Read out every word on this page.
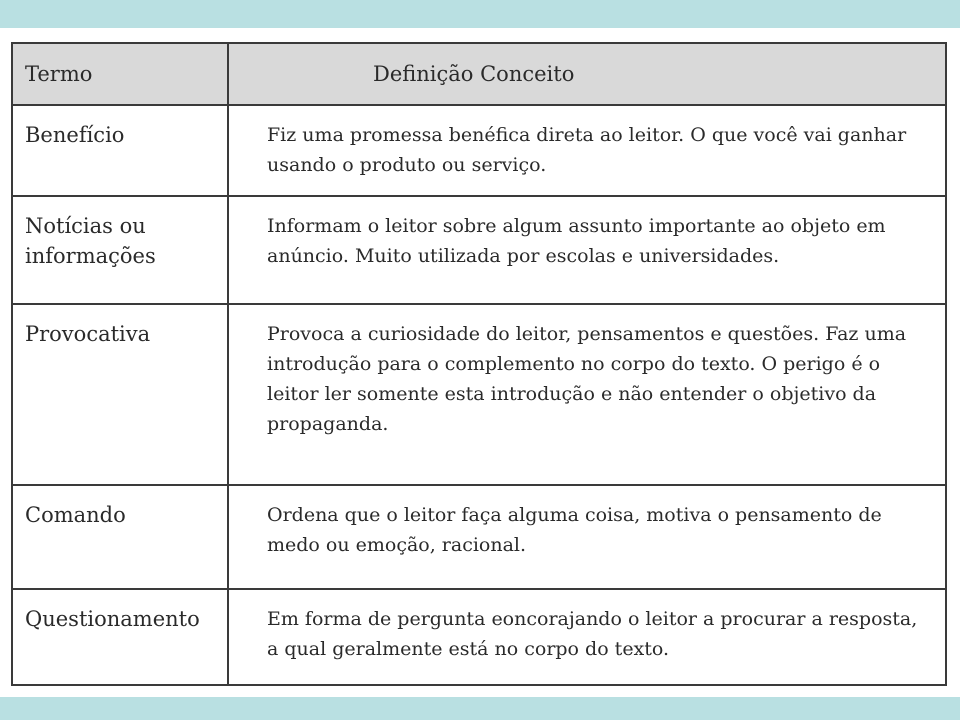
Termo	Definição Conceito
Benefício	Fiz uma promessa benéfica direta ao leitor. O que você vai ganhar usando o produto ou serviço.
Notícias ou informações	Informam o leitor sobre algum assunto importante ao objeto em anúncio. Muito utilizada por escolas e universidades.
Provocativa	Provoca a curiosidade do leitor, pensamentos e questões. Faz uma introdução para o complemento no corpo do texto. O perigo é o leitor ler somente esta introdução e não entender o objetivo da propaganda.
Comando	Ordena que o leitor faça alguma coisa, motiva o pensamento de medo ou emoção, racional.
Questionamento	Em forma de pergunta eoncorajando o leitor a procurar a resposta, a qual geralmente está no corpo do texto.
